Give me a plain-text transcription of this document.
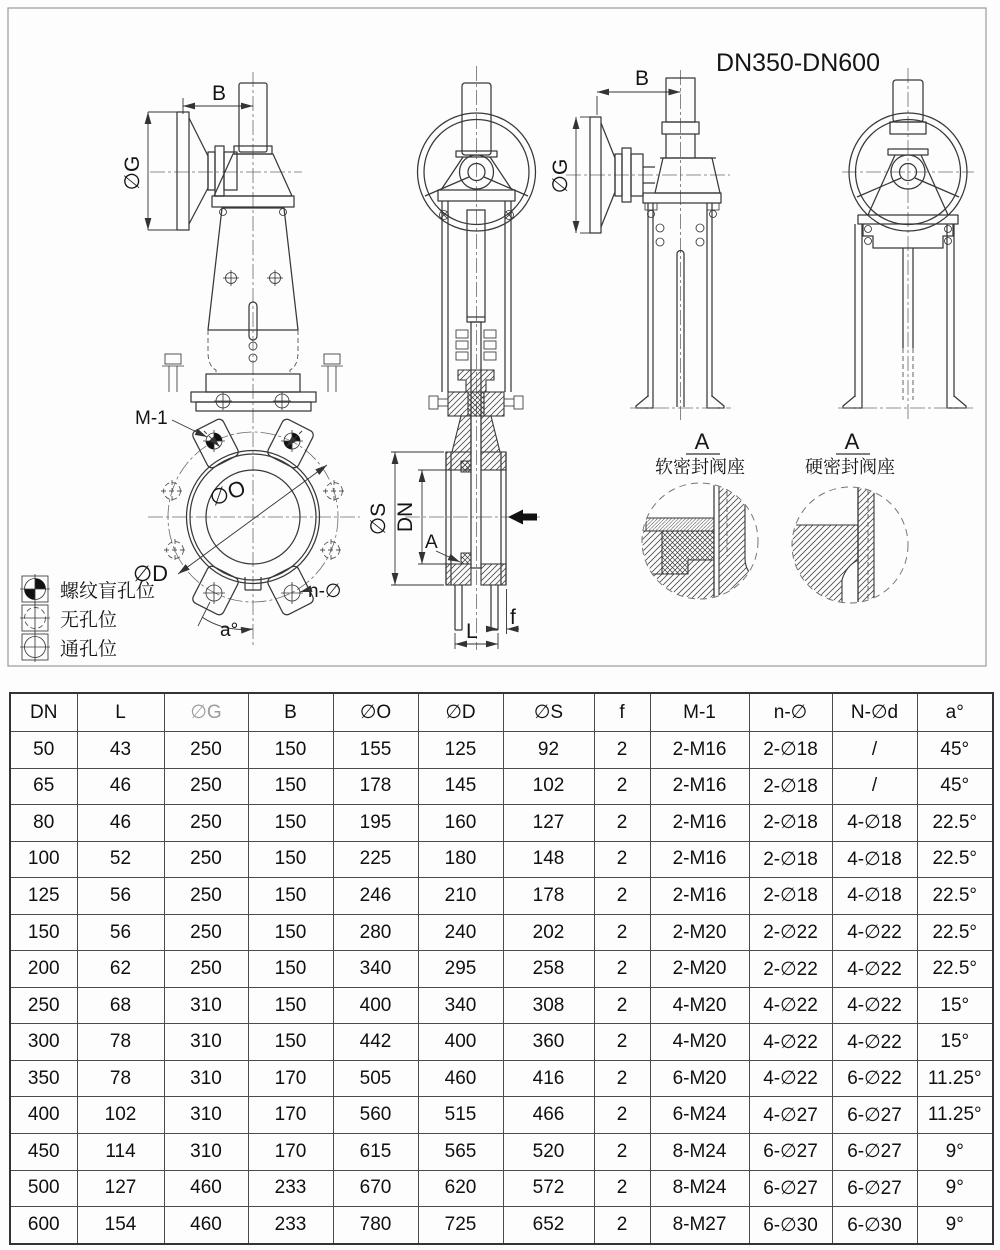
B
∅G
M-1
∅O
∅D
n-∅
a°
∅S DN
A
L
f
B
∅G
DN350-DN600
A
软密封阀座
A
硬密封阀座
螺纹盲孔位
无孔位
通孔位
DN	L	∅G	B	∅O	∅D	∅S	f	M-1	n-∅	N-∅d	a°
50	43	250	150	155	125	92	2	2-M16	2-∅18	/	45°
65	46	250	150	178	145	102	2	2-M16	2-∅18	/	45°
80	46	250	150	195	160	127	2	2-M16	2-∅18	4-∅18	22.5°
100	52	250	150	225	180	148	2	2-M16	2-∅18	4-∅18	22.5°
125	56	250	150	246	210	178	2	2-M16	2-∅18	4-∅18	22.5°
150	56	250	150	280	240	202	2	2-M20	2-∅22	4-∅22	22.5°
200	62	250	150	340	295	258	2	2-M20	2-∅22	4-∅22	22.5°
250	68	310	150	400	340	308	2	4-M20	4-∅22	4-∅22	15°
300	78	310	150	442	400	360	2	4-M20	4-∅22	4-∅22	15°
350	78	310	170	505	460	416	2	6-M20	4-∅22	6-∅22	11.25°
400	102	310	170	560	515	466	2	6-M24	4-∅27	6-∅27	11.25°
450	114	310	170	615	565	520	2	8-M24	6-∅27	6-∅27	9°
500	127	460	233	670	620	572	2	8-M24	6-∅27	6-∅27	9°
600	154	460	233	780	725	652	2	8-M27	6-∅30	6-∅30	9°
